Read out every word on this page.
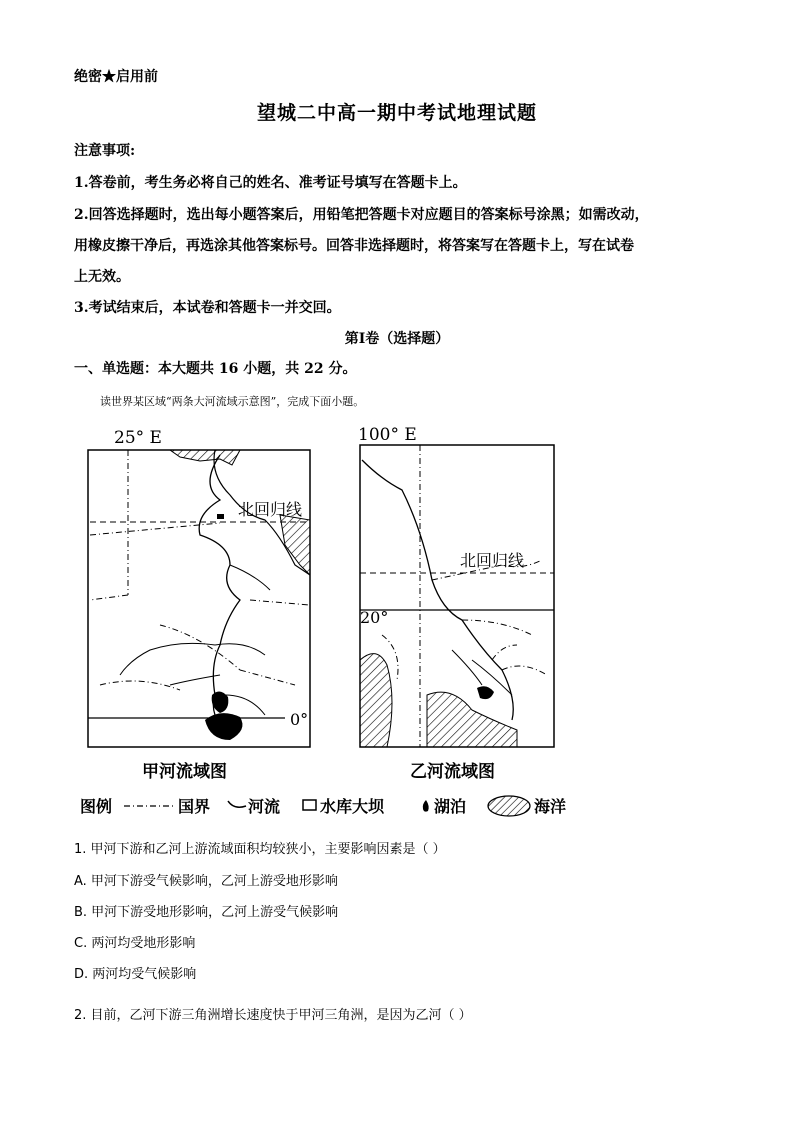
绝密★启用前
望城二中高一期中考试地理试题
注意事项:
1.答卷前，考生务必将自己的姓名、准考证号填写在答题卡上。
2.回答选择题时，选出每小题答案后，用铅笔把答题卡对应题目的答案标号涂黑；如需改动，
用橡皮擦干净后，再选涂其他答案标号。回答非选择题时，将答案写在答题卡上，写在试卷
上无效。
3.考试结束后，本试卷和答题卡一并交回。
第Ⅰ卷（选择题）
一、单选题：本大题共 16 小题，共 22 分。
读世界某区域“两条大河流域示意图”，完成下面小题。
25° E
北回归线
0°
甲河流域图
100° E
北回归线
20°
乙河流域图
图例	国界 河流 水库大坝	湖泊	海洋
1. 甲河下游和乙河上游流域面积均较狭小，主要影响因素是（ ）
A. 甲河下游受气候影响，乙河上游受地形影响
B. 甲河下游受地形影响，乙河上游受气候影响
C. 两河均受地形影响
D. 两河均受气候影响
2. 目前，乙河下游三角洲增长速度快于甲河三角洲，是因为乙河（ ）
